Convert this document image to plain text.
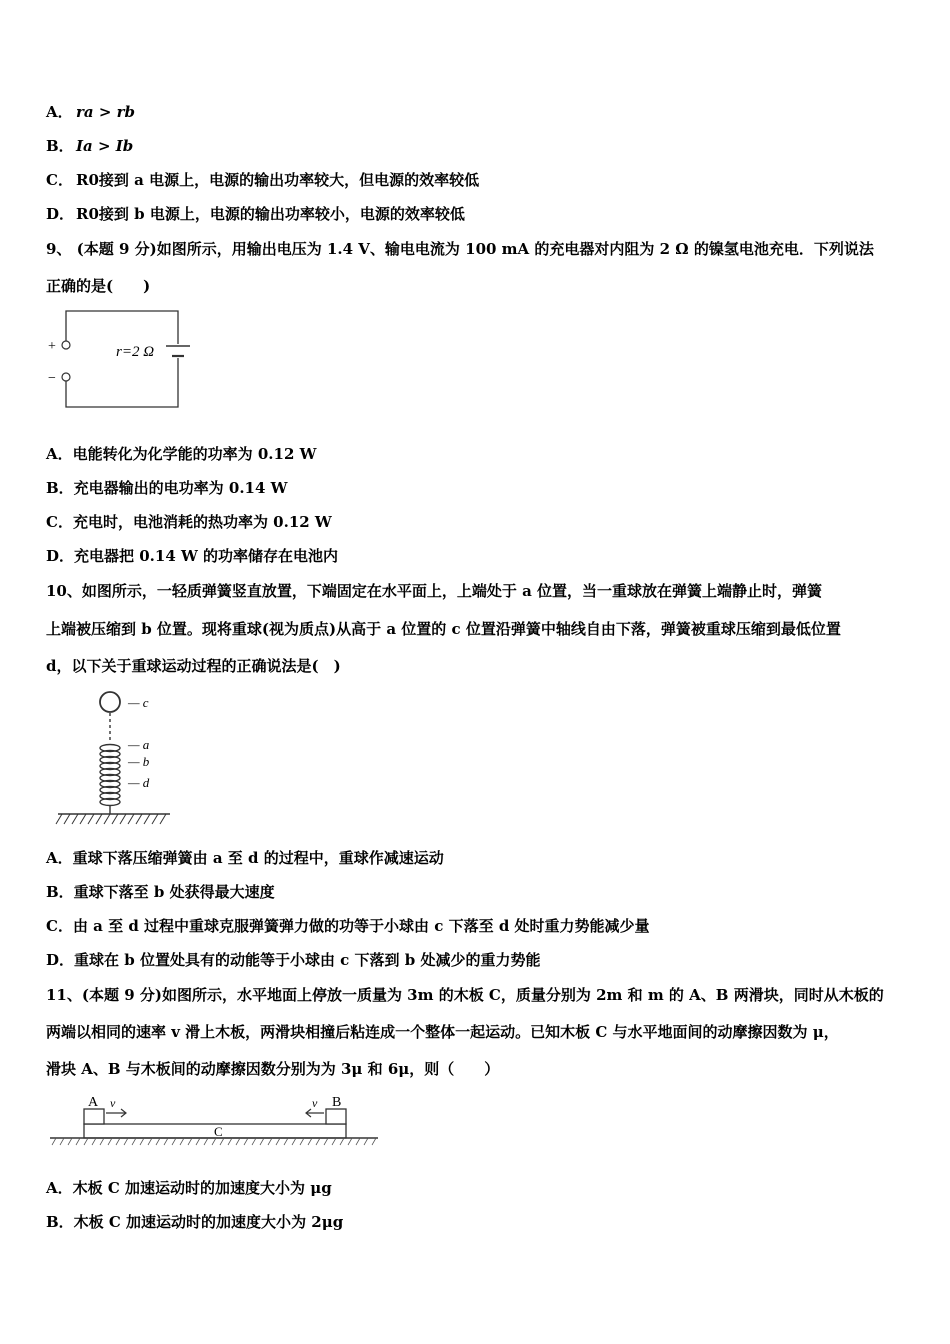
A． ra > rb
B． Ia > Ib
C． R0接到 a 电源上，电源的输出功率较大，但电源的效率较低
D． R0接到 b 电源上，电源的输出功率较小，电源的效率较低
9、 (本题 9 分)如图所示，用输出电压为 1.4 V、输电电流为 100 mA 的充电器对内阻为 2 Ω 的镍氢电池充电．下列说法
正确的是(　　)
+
−
r=2 Ω
A．电能转化为化学能的功率为 0.12 W
B．充电器输出的电功率为 0.14 W
C．充电时，电池消耗的热功率为 0.12 W
D．充电器把 0.14 W 的功率储存在电池内
10、如图所示，一轻质弹簧竖直放置，下端固定在水平面上，上端处于 a 位置，当一重球放在弹簧上端静止时，弹簧
上端被压缩到 b 位置。现将重球(视为质点)从高于 a 位置的 c 位置沿弹簧中轴线自由下落，弹簧被重球压缩到最低位置
d，以下关于重球运动过程的正确说法是(　)
— c
— a
— b
— d
A．重球下落压缩弹簧由 a 至 d 的过程中，重球作减速运动
B．重球下落至 b 处获得最大速度
C．由 a 至 d 过程中重球克服弹簧弹力做的功等于小球由 c 下落至 d 处时重力势能减少量
D．重球在 b 位置处具有的动能等于小球由 c 下落到 b 处减少的重力势能
11、(本题 9 分)如图所示，水平地面上停放一质量为 3m 的木板 C，质量分别为 2m 和 m 的 A、B 两滑块，同时从木板的
两端以相同的速率 v 滑上木板，两滑块相撞后粘连成一个整体一起运动。已知木板 C 与水平地面间的动摩擦因数为 μ，
滑块 A、B 与木板间的动摩擦因数分别为为 3μ 和 6μ，则（　　）
A	B
C
v	v
A．木板 C 加速运动时的加速度大小为 μg
B．木板 C 加速运动时的加速度大小为 2μg
